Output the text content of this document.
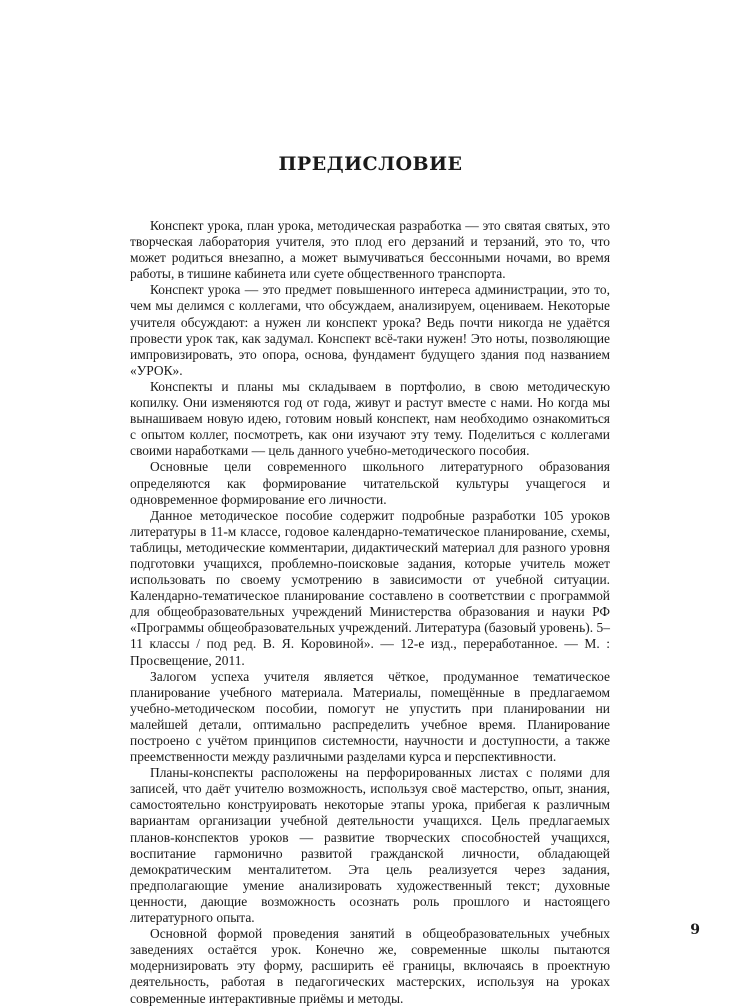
ПРЕДИСЛОВИЕ

Конспект урока, план урока, методическая разработка — это святая святых, это творческая лаборатория учителя, это плод его дерзаний и терзаний, это то, что может родиться внезапно, а может вымучиваться бессонными ночами, во время работы, в тишине кабинета или суете общественного транспорта.

Конспект урока — это предмет повышенного интереса администрации, это то, чем мы делимся с коллегами, что обсуждаем, анализируем, оцениваем. Некоторые учителя обсуждают: а нужен ли конспект урока? Ведь почти никогда не удаётся провести урок так, как задумал. Конспект всё-таки нужен! Это ноты, позволяющие импровизировать, это опора, основа, фундамент будущего здания под названием «УРОК».

Конспекты и планы мы складываем в портфолио, в свою методическую копилку. Они изменяются год от года, живут и растут вместе с нами. Но когда мы вынашиваем новую идею, готовим новый конспект, нам необходимо ознакомиться с опытом коллег, посмотреть, как они изучают эту тему. Поделиться с коллегами своими наработками — цель данного учебно-методического пособия.

Основные цели современного школьного литературного образования определяются как формирование читательской культуры учащегося и одновременное формирование его личности.

Данное методическое пособие содержит подробные разработки 105 уроков литературы в 11-м классе, годовое календарно-тематическое планирование, схемы, таблицы, методические комментарии, дидактический материал для разного уровня подготовки учащихся, проблемно-поисковые задания, которые учитель может использовать по своему усмотрению в зависимости от учебной ситуации. Календарно-тематическое планирование составлено в соответствии с программой для общеобразовательных учреждений Министерства образования и науки РФ «Программы общеобразовательных учреждений. Литература (базовый уровень). 5–11 классы / под ред. В. Я. Коровиной». — 12-е изд., переработанное. — М. : Просвещение, 2011.

Залогом успеха учителя является чёткое, продуманное тематическое планирование учебного материала. Материалы, помещённые в предлагаемом учебно-методическом пособии, помогут не упустить при планировании ни малейшей детали, оптимально распределить учебное время. Планирование построено с учётом принципов системности, научности и доступности, а также преемственности между различными разделами курса и перспективности.

Планы-конспекты расположены на перфорированных листах с полями для записей, что даёт учителю возможность, используя своё мастерство, опыт, знания, самостоятельно конструировать некоторые этапы урока, прибегая к различным вариантам организации учебной деятельности учащихся. Цель предлагаемых планов-конспектов уроков — развитие творческих способностей учащихся, воспитание гармонично развитой гражданской личности, обладающей демократическим менталитетом. Эта цель реализуется через задания, предполагающие умение анализировать художественный текст; духовные ценности, дающие возможность осознать роль прошлого и настоящего литературного опыта.

Основной формой проведения занятий в общеобразовательных учебных заведениях остаётся урок. Конечно же, современные школы пытаются модернизировать эту форму, расширить её границы, включаясь в проектную деятельность, работая в педагогических мастерских, используя на уроках современные интерактивные приёмы и методы.

9
